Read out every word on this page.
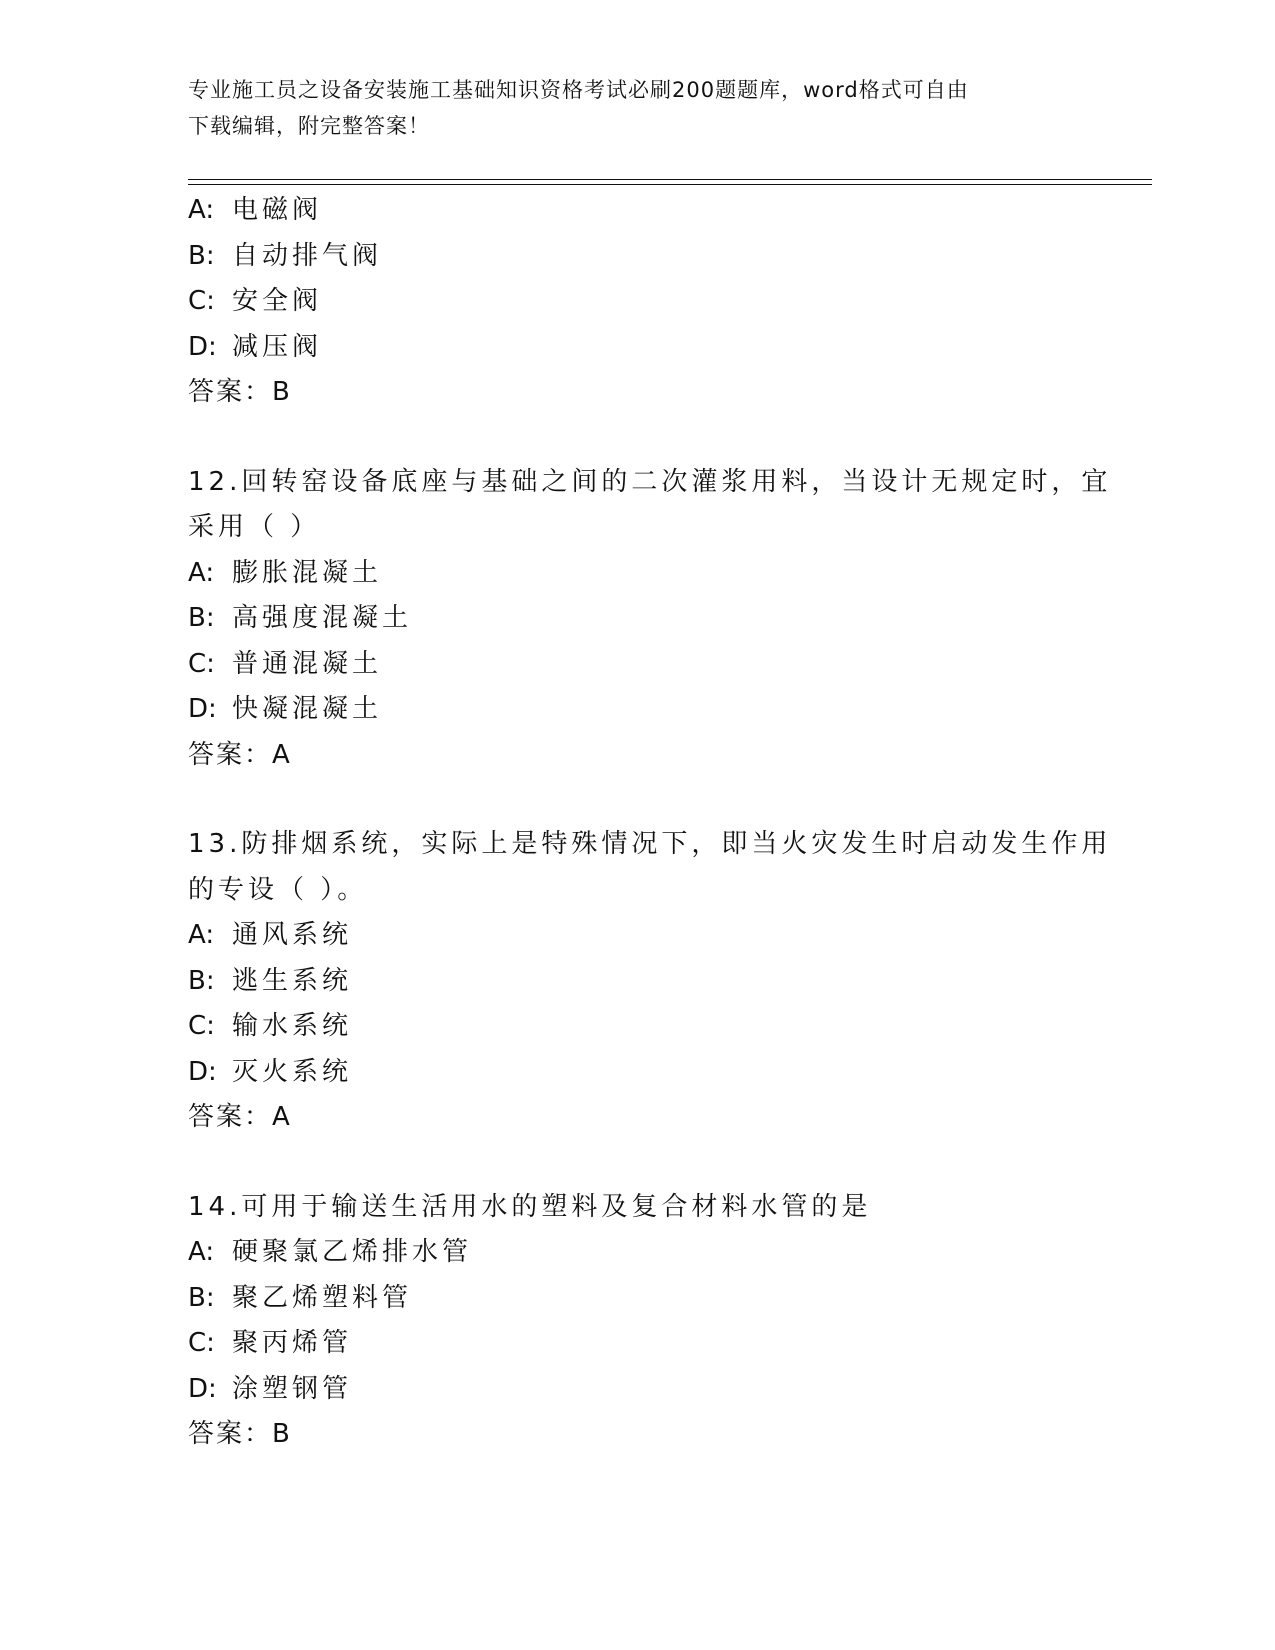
专业施工员之设备安装施工基础知识资格考试必刷200题题库，word格式可自由
下载编辑，附完整答案！
A: 电磁阀
B: 自动排气阀
C: 安全阀
D: 减压阀
答案：B
12.回转窑设备底座与基础之间的二次灌浆用料，当设计无规定时，宜
采用（ ）
A: 膨胀混凝土
B: 高强度混凝土
C: 普通混凝土
D: 快凝混凝土
答案：A
13.防排烟系统，实际上是特殊情况下，即当火灾发生时启动发生作用
的专设（ ）。
A: 通风系统
B: 逃生系统
C: 输水系统
D: 灭火系统
答案：A
14.可用于输送生活用水的塑料及复合材料水管的是
A: 硬聚氯乙烯排水管
B: 聚乙烯塑料管
C: 聚丙烯管
D: 涂塑钢管
答案：B
